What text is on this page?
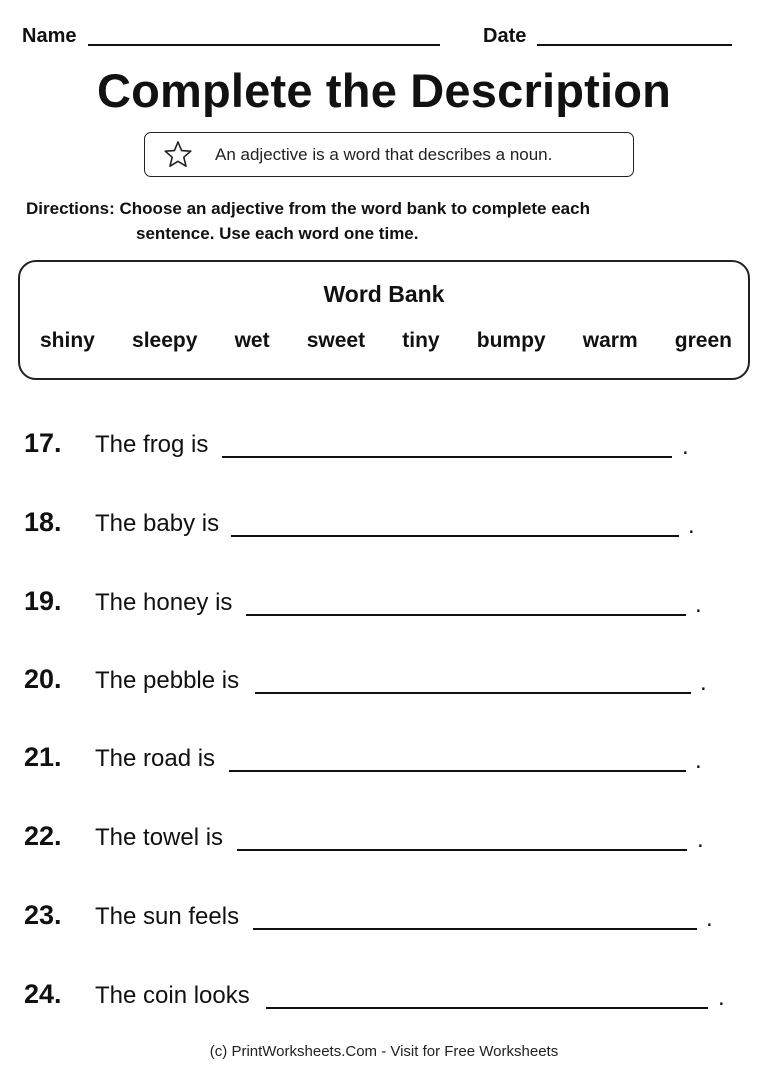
Name	Date
Complete the Description
An adjective is a word that describes a noun.
Directions: Choose an adjective from the word bank to complete each
sentence. Use each word one time.
Word Bank
shiny sleepy wet sweet tiny bumpy warm green
17. The frog is	.
18. The baby is	.
19. The honey is	.
20. The pebble is	.
21. The road is	.
22. The towel is	.
23. The sun feels	.
24. The coin looks	.
(c) PrintWorksheets.Com - Visit for Free Worksheets
